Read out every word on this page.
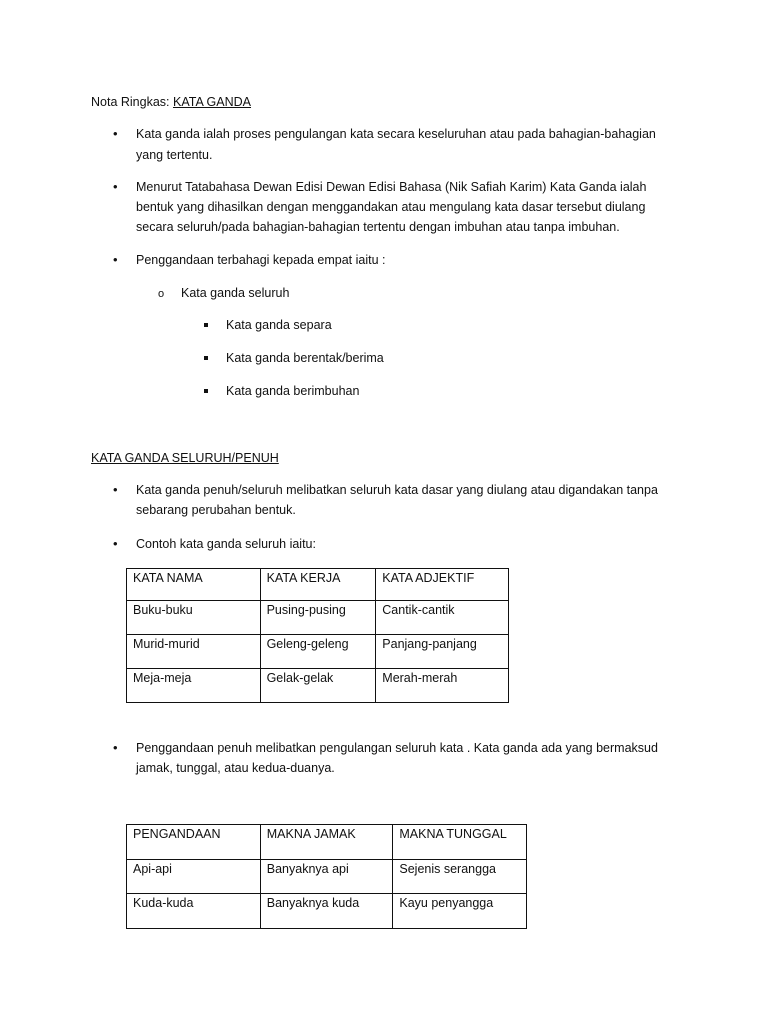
Nota Ringkas: KATA GANDA
• Kata ganda ialah proses pengulangan kata secara keseluruhan atau pada bahagian-bahagian
yang tertentu.
• Menurut Tatabahasa Dewan Edisi Dewan Edisi Bahasa (Nik Safiah Karim) Kata Ganda ialah
bentuk yang dihasilkan dengan menggandakan atau mengulang kata dasar tersebut diulang
secara seluruh/pada bahagian-bahagian tertentu dengan imbuhan atau tanpa imbuhan.
• Penggandaan terbahagi kepada empat iaitu :
o Kata ganda seluruh
Kata ganda separa
Kata ganda berentak/berima
Kata ganda berimbuhan
KATA GANDA SELURUH/PENUH
• Kata ganda penuh/seluruh melibatkan seluruh kata dasar yang diulang atau digandakan tanpa
sebarang perubahan bentuk.
• Contoh kata ganda seluruh iaitu:
KATA NAMA	KATA KERJA	KATA ADJEKTIF
Buku-buku	Pusing-pusing	Cantik-cantik
Murid-murid	Geleng-geleng	Panjang-panjang
Meja-meja	Gelak-gelak	Merah-merah
• Penggandaan penuh melibatkan pengulangan seluruh kata . Kata ganda ada yang bermaksud
jamak, tunggal, atau kedua-duanya.
PENGANDAAN	MAKNA JAMAK	MAKNA TUNGGAL
Api-api	Banyaknya api	Sejenis serangga
Kuda-kuda	Banyaknya kuda	Kayu penyangga
